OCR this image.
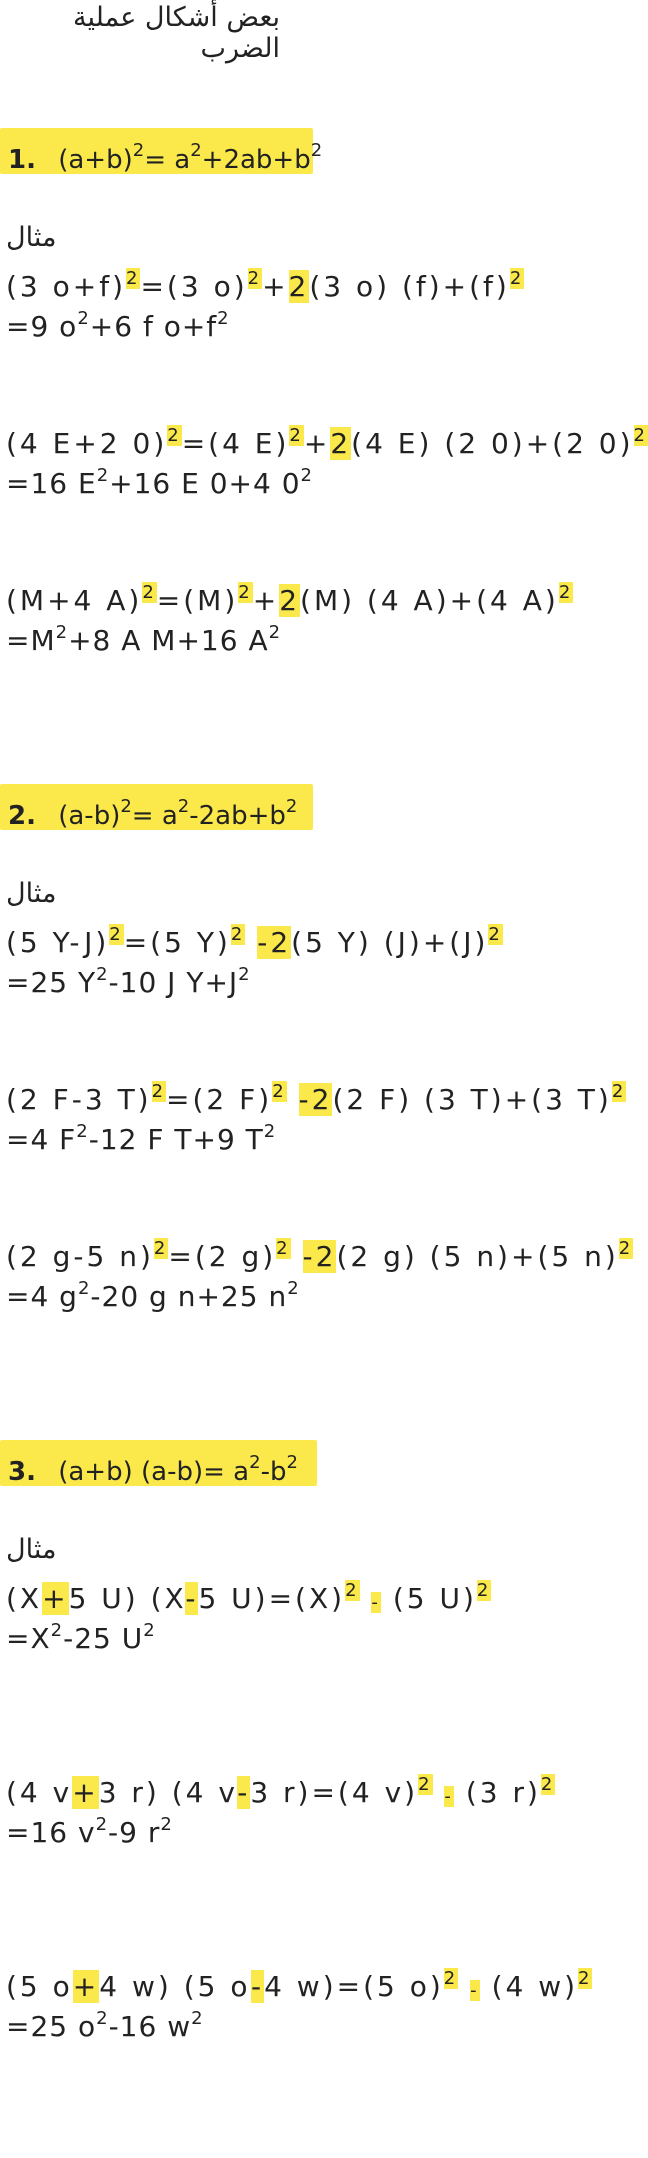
بعض أشكال عملية الضرب
1. $(a+b)^2= a^2+2ab+b^2$
مثال
(3 o+f)$^2$=(3 o)$^2$+2(3 o) $(f)+(f)^2$
=9 $o^2+6$ f $o+f^2$
(4 E+2 0)$^2$=(4 E)$^2$+2(4 E) (2 0)+(2 0)$^2$
=16 $E^2+16$ E 0+4 $0^2$
(M+4 $A)^2=(M)^2+2(M)$ (4 A)+(4 A)$^2$
$=M^2+8$ A M+16 $A^2$
2. $(a-b)^2= a^2-2ab+b^2$
مثال
(5 Y-J)$^2$=(5 Y)$^2$ -2(5 Y) $(J)+(J)^2$
=25 $Y^2-10$ J $Y+J^2$
(2 F-3 T)$^2$=(2 F)$^2$ -2(2 F) (3 T)+(3 T)$^2$
=4 $F^2-12$ F T+9 $T^2$
(2 g-5 n)$^2$=(2 g)$^2$ -2(2 g) (5 n)+(5 n)$^2$
=4 $g^2-20$ g n+25 $n^2$
3. (a+b) $(a-b)= a^2-b^2$
مثال
(X+5 U) (X-5 $U)=(X)^2 - (5$ U)$^2$
$=X^2-25$ $U^2$
(4 v+3 r) (4 v-3 r)=(4 v)$^2$ - (3 r)$^2$
=16 $v^2-9$ $r^2$
(5 o+4 w) (5 o-4 w)=(5 o)$^2$ - (4 w)$^2$
=25 $o^2-16$ $w^2$
